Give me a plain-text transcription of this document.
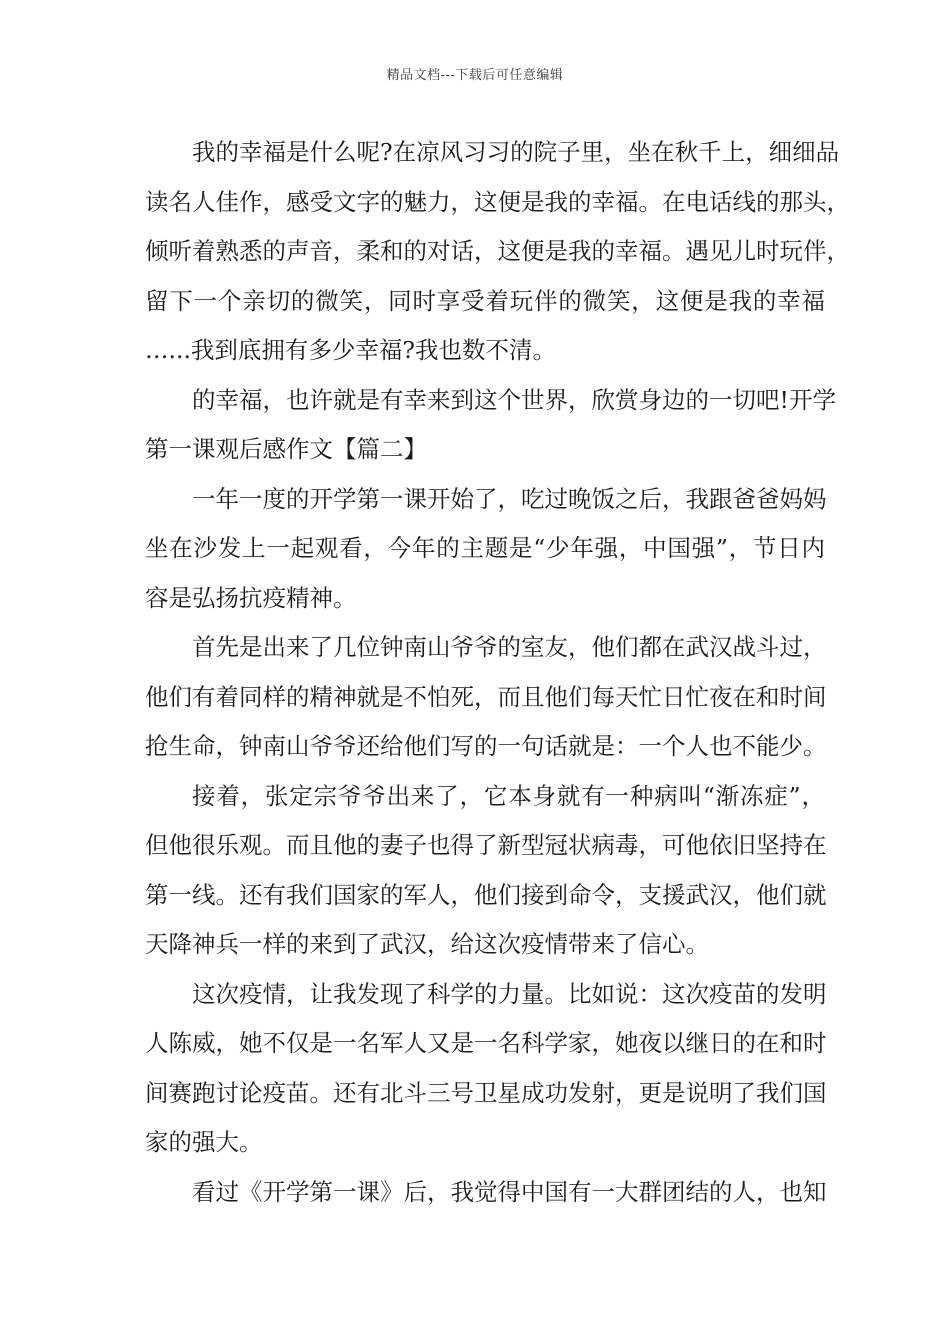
精品文档---下载后可任意编辑
我的幸福是什么呢?在凉风习习的院子里，坐在秋千上，细细品
读名人佳作，感受文字的魅力，这便是我的幸福。在电话线的那头，
倾听着熟悉的声音，柔和的对话，这便是我的幸福。遇见儿时玩伴，
留下一个亲切的微笑，同时享受着玩伴的微笑，这便是我的幸福
…...我到底拥有多少幸福?我也数不清。
的幸福，也许就是有幸来到这个世界，欣赏身边的一切吧!开学
第一课观后感作文【篇二】
一年一度的开学第一课开始了，吃过晚饭之后，我跟爸爸妈妈
坐在沙发上一起观看，今年的主题是“少年强，中国强”，节日内
容是弘扬抗疫精神。
首先是出来了几位钟南山爷爷的室友，他们都在武汉战斗过，
他们有着同样的精神就是不怕死，而且他们每天忙日忙夜在和时间
抢生命，钟南山爷爷还给他们写的一句话就是：一个人也不能少。
接着，张定宗爷爷出来了，它本身就有一种病叫“渐冻症”，
但他很乐观。而且他的妻子也得了新型冠状病毒，可他依旧坚持在
第一线。还有我们国家的军人，他们接到命令，支援武汉，他们就
天降神兵一样的来到了武汉，给这次疫情带来了信心。
这次疫情，让我发现了科学的力量。比如说：这次疫苗的发明
人陈威，她不仅是一名军人又是一名科学家，她夜以继日的在和时
间赛跑讨论疫苗。还有北斗三号卫星成功发射，更是说明了我们国
家的强大。
看过《开学第一课》后，我觉得中国有一大群团结的人，也知
